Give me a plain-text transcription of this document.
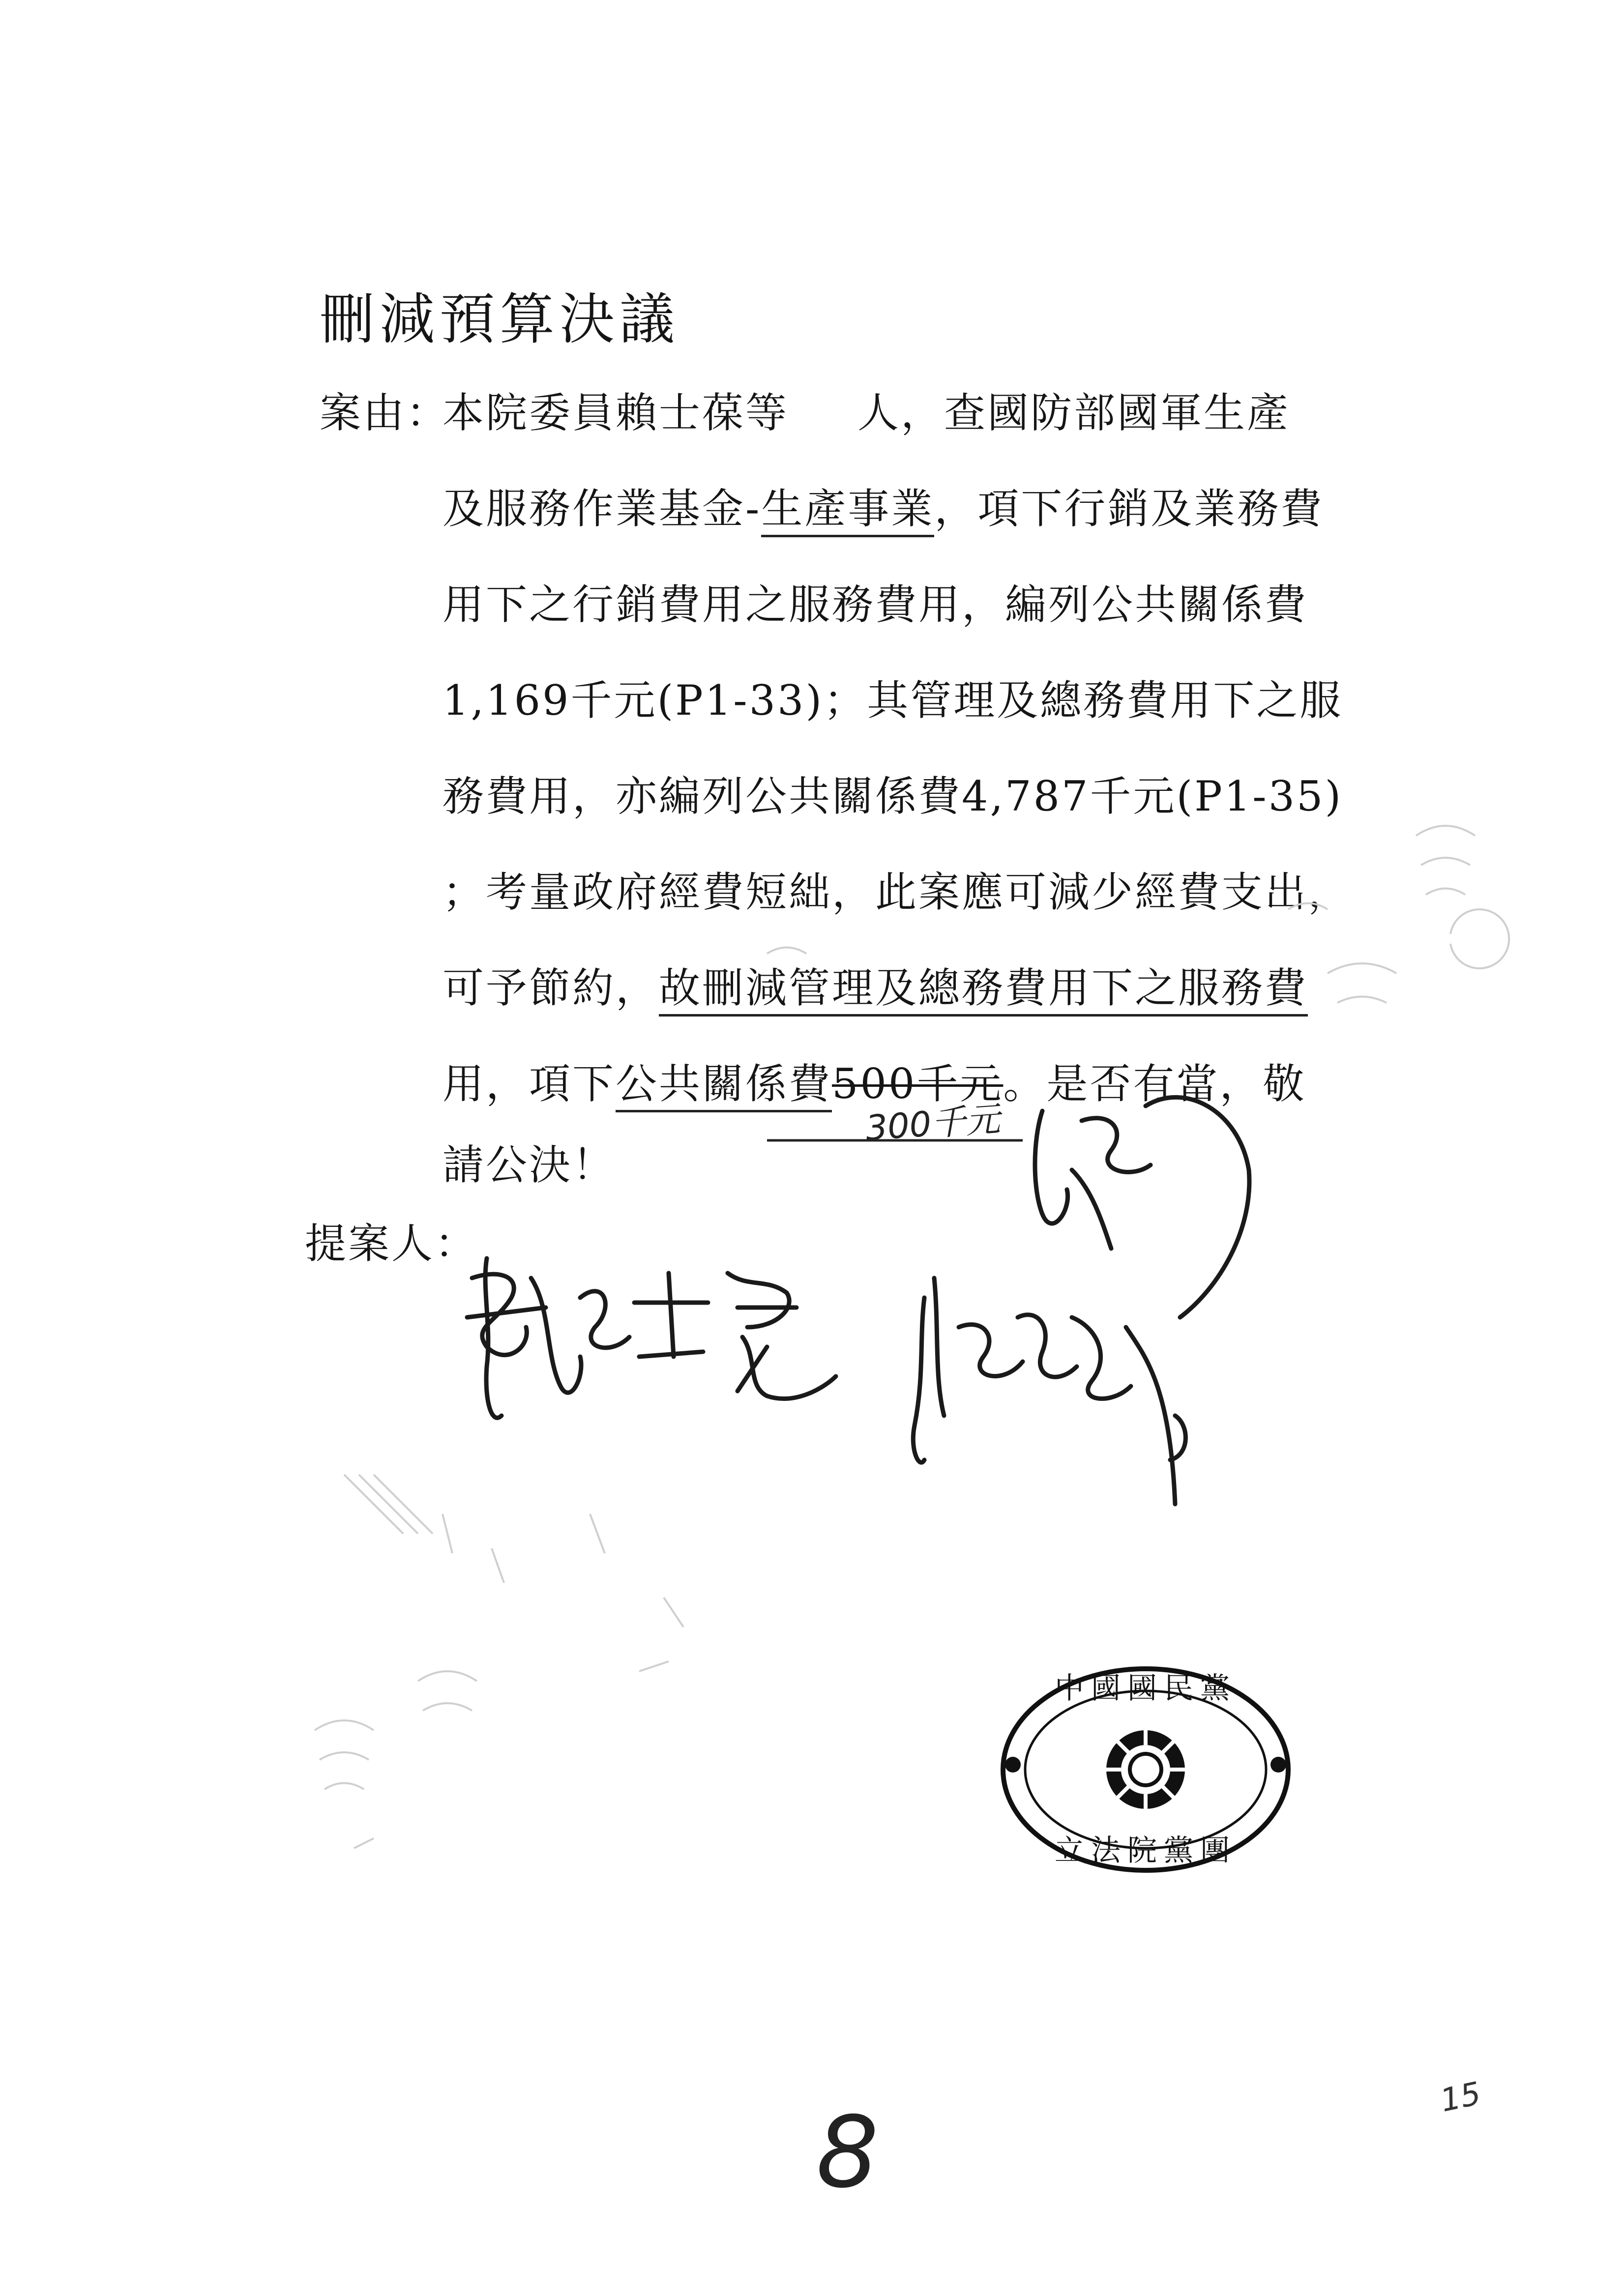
刪減預算決議
案由：
本院委員賴士葆等 人，查國防部國軍生產
及服務作業基金-生產事業，項下行銷及業務費
用下之行銷費用之服務費用，編列公共關係費
1,169千元(P1-33)；其管理及總務費用下之服
務費用，亦編列公共關係費4,787千元(P1-35)
；考量政府經費短絀，此案應可減少經費支出，
可予節約，故刪減管理及總務費用下之服務費
用，項下公共關係費500千元。是否有當，敬
300千元
請公決！
提案人：
中國國民黨
立法院黨團
8	15
